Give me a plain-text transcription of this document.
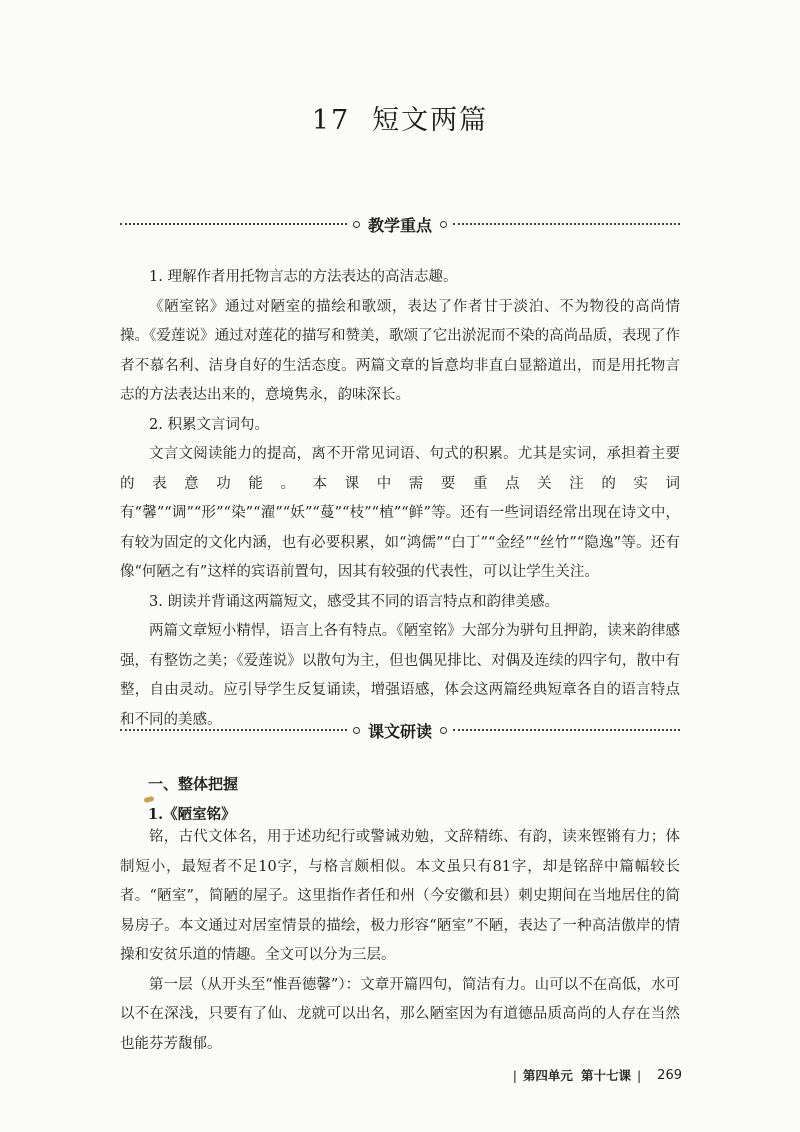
17 短文两篇
教学重点

1. 理解作者用托物言志的方法表达的高洁志趣。

《陋室铭》通过对陋室的描绘和歌颂，表达了作者甘于淡泊、不为物役的高尚情操。《爱莲说》通过对莲花的描写和赞美，歌颂了它出淤泥而不染的高尚品质，表现了作者不慕名利、洁身自好的生活态度。两篇文章的旨意均非直白显豁道出，而是用托物言志的方法表达出来的，意境隽永，韵味深长。

2. 积累文言词句。

文言文阅读能力的提高，离不开常见词语、句式的积累。尤其是实词，承担着主要的表意功能。本课中需要重点关注的实词有“馨”“调”“形”“染”“濯”“妖”“蔓”“枝”“植”“鲜”等。还有一些词语经常出现在诗文中，有较为固定的文化内涵，也有必要积累，如“鸿儒”“白丁”“金经”“丝竹”“隐逸”等。还有像“何陋之有”这样的宾语前置句，因其有较强的代表性，可以让学生关注。

3. 朗读并背诵这两篇短文，感受其不同的语言特点和韵律美感。

两篇文章短小精悍，语言上各有特点。《陋室铭》大部分为骈句且押韵，读来韵律感强，有整饬之美；《爱莲说》以散句为主，但也偶见排比、对偶及连续的四字句，散中有整，自由灵动。应引导学生反复诵读，增强语感，体会这两篇经典短章各自的语言特点和不同的美感。

课文研读
一、整体把握
1.《陋室铭》

铭，古代文体名，用于述功纪行或警诫劝勉，文辞精练、有韵，读来铿锵有力；体制短小，最短者不足10字，与格言颇相似。本文虽只有81字，却是铭辞中篇幅较长者。“陋室”，简陋的屋子。这里指作者任和州（今安徽和县）刺史期间在当地居住的简易房子。本文通过对居室情景的描绘，极力形容“陋室”不陋，表达了一种高洁傲岸的情操和安贫乐道的情趣。全文可以分为三层。

第一层（从开头至“惟吾德馨”）：文章开篇四句，简洁有力。山可以不在高低，水可以不在深浅，只要有了仙、龙就可以出名，那么陋室因为有道德品质高尚的人存在当然也能芬芳馥郁。

| 第四单元 第十七课 | 269
